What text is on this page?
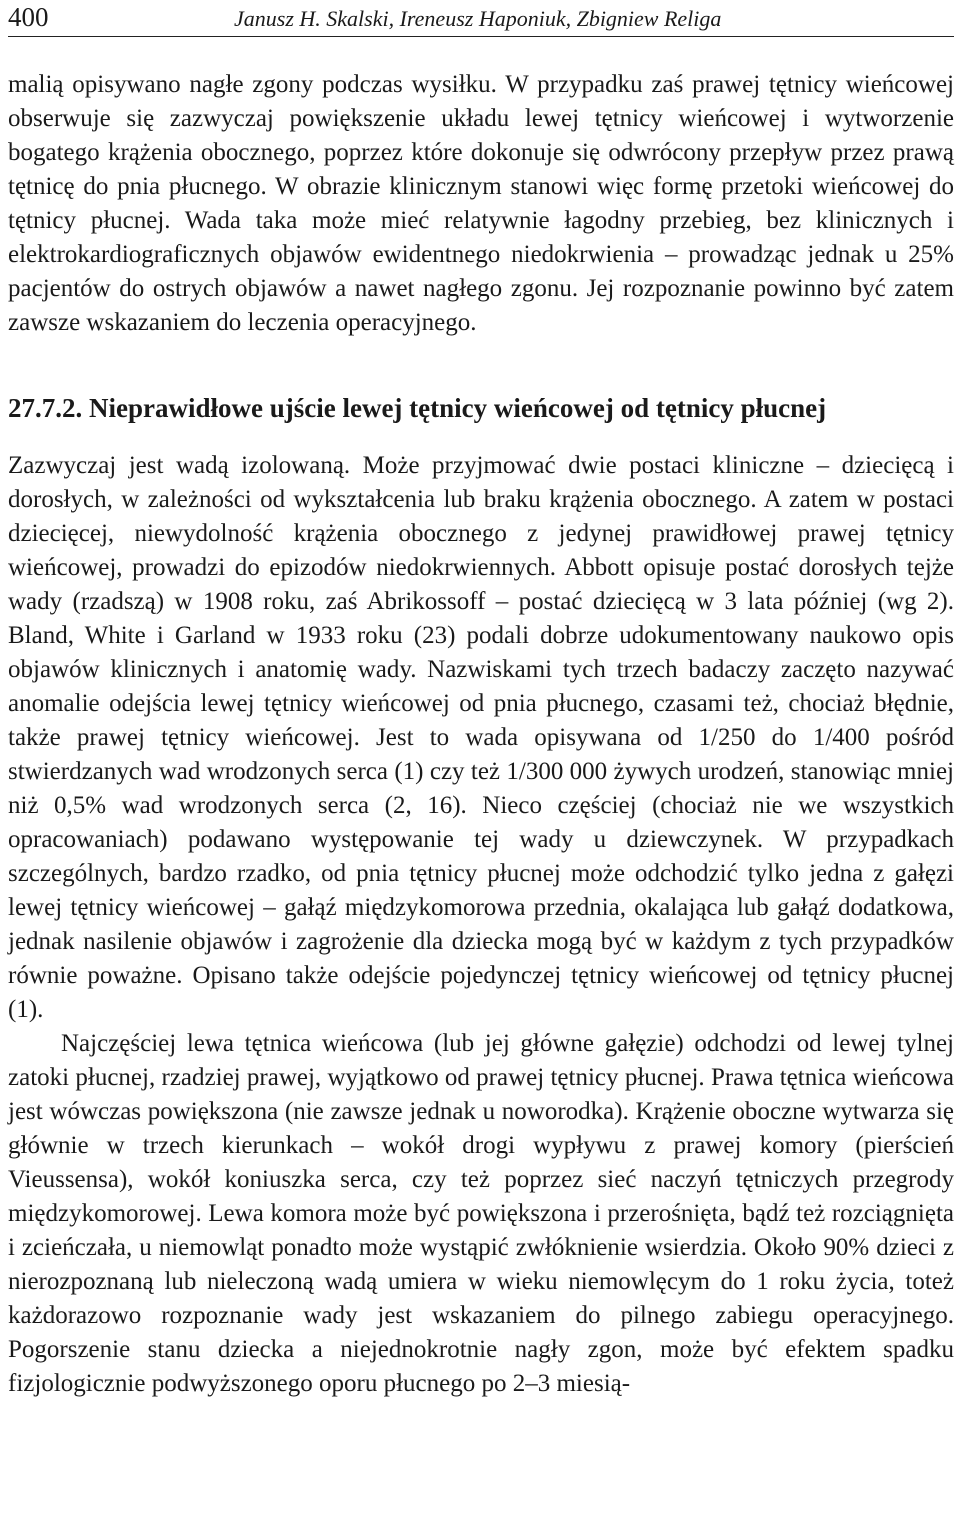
400	Janusz H. Skalski, Ireneusz Haponiuk, Zbigniew Religa

malią opisywano nagłe zgony podczas wysiłku. W przypadku zaś prawej tętnicy wieńcowej obserwuje się zazwyczaj powiększenie układu lewej tętnicy wieńcowej i wytworzenie bogatego krążenia obocznego, poprzez które dokonuje się odwrócony przepływ przez prawą tętnicę do pnia płucnego. W obrazie klinicznym stanowi więc formę przetoki wieńcowej do tętnicy płucnej. Wada taka może mieć relatywnie łagodny przebieg, bez klinicznych i elektrokardiograficznych objawów ewidentnego niedokrwienia – prowadząc jednak u 25% pacjentów do ostrych objawów a nawet nagłego zgonu. Jej rozpoznanie powinno być zatem zawsze wskazaniem do leczenia operacyjnego.

27.7.2. Nieprawidłowe ujście lewej tętnicy wieńcowej od tętnicy płucnej

Zazwyczaj jest wadą izolowaną. Może przyjmować dwie postaci kliniczne – dziecięcą i dorosłych, w zależności od wykształcenia lub braku krążenia obocznego. A zatem w postaci dziecięcej, niewydolność krążenia obocznego z jedynej prawidłowej prawej tętnicy wieńcowej, prowadzi do epizodów niedokrwiennych. Abbott opisuje postać dorosłych tejże wady (rzadszą) w 1908 roku, zaś Abrikossoff – postać dziecięcą w 3 lata później (wg 2). Bland, White i Garland w 1933 roku (23) podali dobrze udokumentowany naukowo opis objawów klinicznych i anatomię wady. Nazwiskami tych trzech badaczy zaczęto nazywać anomalie odejścia lewej tętnicy wieńcowej od pnia płucnego, czasami też, chociaż błędnie, także prawej tętnicy wieńcowej. Jest to wada opisywana od 1/250 do 1/400 pośród stwierdzanych wad wrodzonych serca (1) czy też 1/300 000 żywych urodzeń, stanowiąc mniej niż 0,5% wad wrodzonych serca (2, 16). Nieco częściej (chociaż nie we wszystkich opracowaniach) podawano występowanie tej wady u dziewczynek. W przypadkach szczególnych, bardzo rzadko, od pnia tętnicy płucnej może odchodzić tylko jedna z gałęzi lewej tętnicy wieńcowej – gałąź międzykomorowa przednia, okalająca lub gałąź dodatkowa, jednak nasilenie objawów i zagrożenie dla dziecka mogą być w każdym z tych przypadków równie poważne. Opisano także odejście pojedynczej tętnicy wieńcowej od tętnicy płucnej (1).

Najczęściej lewa tętnica wieńcowa (lub jej główne gałęzie) odchodzi od lewej tylnej zatoki płucnej, rzadziej prawej, wyjątkowo od prawej tętnicy płucnej. Prawa tętnica wieńcowa jest wówczas powiększona (nie zawsze jednak u noworodka). Krążenie oboczne wytwarza się głównie w trzech kierunkach – wokół drogi wypływu z prawej komory (pierścień Vieussensa), wokół koniuszka serca, czy też poprzez sieć naczyń tętniczych przegrody międzykomorowej. Lewa komora może być powiększona i przerośnięta, bądź też rozciągnięta i zcieńczała, u niemowląt ponadto może wystąpić zwłóknienie wsierdzia. Około 90% dzieci z nierozpoznaną lub nieleczoną wadą umiera w wieku niemowlęcym do 1 roku życia, toteż każdorazowo rozpoznanie wady jest wskazaniem do pilnego zabiegu operacyjnego. Pogorszenie stanu dziecka a niejednokrotnie nagły zgon, może być efektem spadku fizjologicznie podwyższonego oporu płucnego po 2–3 miesią-
